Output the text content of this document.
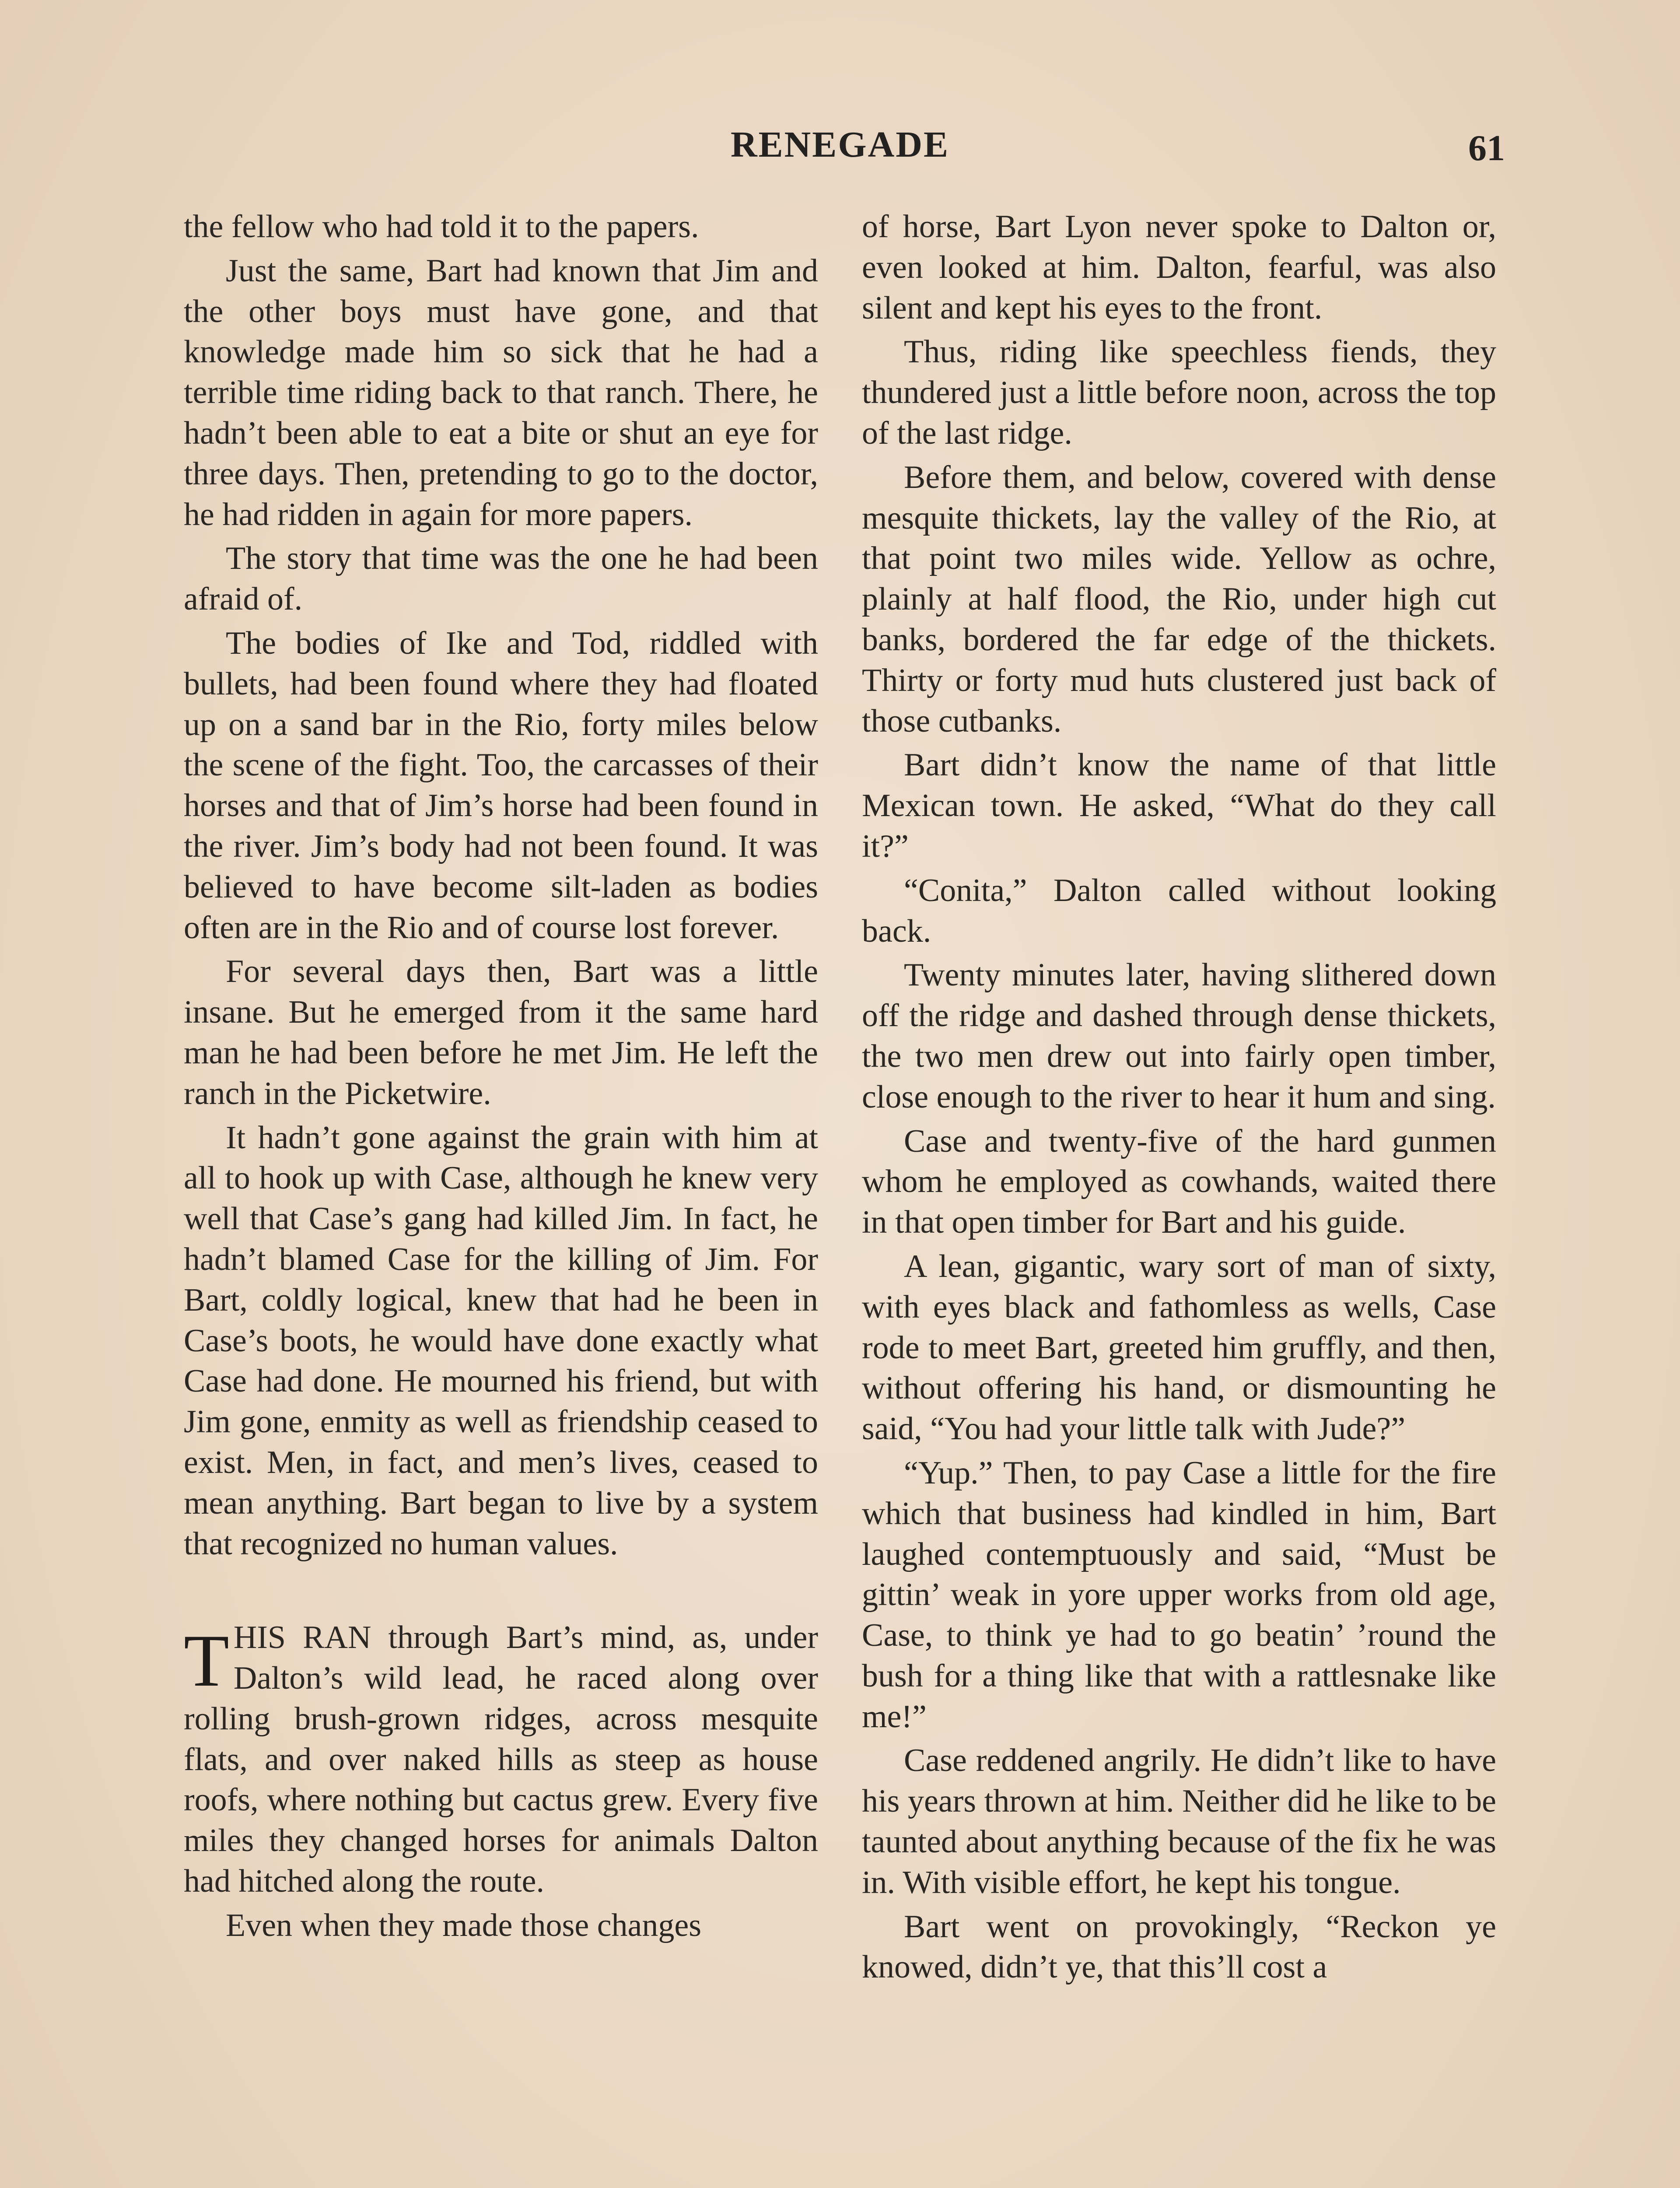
RENEGADE	61

the fellow who had told it to the papers.

Just the same, Bart had known that Jim and the other boys must have gone, and that knowledge made him so sick that he had a terrible time riding back to that ranch. There, he hadn’t been able to eat a bite or shut an eye for three days. Then, pretending to go to the doctor, he had ridden in again for more papers.

The story that time was the one he had been afraid of.

The bodies of Ike and Tod, riddled with bullets, had been found where they had floated up on a sand bar in the Rio, forty miles below the scene of the fight. Too, the carcasses of their horses and that of Jim’s horse had been found in the river. Jim’s body had not been found. It was believed to have become silt-laden as bodies often are in the Rio and of course lost forever.

For several days then, Bart was a little insane. But he emerged from it the same hard man he had been before he met Jim. He left the ranch in the Picketwire.

It hadn’t gone against the grain with him at all to hook up with Case, although he knew very well that Case’s gang had killed Jim. In fact, he hadn’t blamed Case for the killing of Jim. For Bart, coldly logical, knew that had he been in Case’s boots, he would have done exactly what Case had done. He mourned his friend, but with Jim gone, enmity as well as friendship ceased to exist. Men, in fact, and men’s lives, ceased to mean anything. Bart began to live by a system that recognized no human values.

THIS RAN through Bart’s mind, as, under Dalton’s wild lead, he raced along over rolling brush-grown ridges, across mesquite flats, and over naked hills as steep as house roofs, where nothing but cactus grew. Every five miles they changed horses for animals Dalton had hitched along the route.

Even when they made those changes

of horse, Bart Lyon never spoke to Dalton or, even looked at him. Dalton, fearful, was also silent and kept his eyes to the front.

Thus, riding like speechless fiends, they thundered just a little before noon, across the top of the last ridge.

Before them, and below, covered with dense mesquite thickets, lay the valley of the Rio, at that point two miles wide. Yellow as ochre, plainly at half flood, the Rio, under high cut banks, bordered the far edge of the thickets. Thirty or forty mud huts clustered just back of those cutbanks.

Bart didn’t know the name of that little Mexican town. He asked, “What do they call it?”

“Conita,” Dalton called without looking back.

Twenty minutes later, having slithered down off the ridge and dashed through dense thickets, the two men drew out into fairly open timber, close enough to the river to hear it hum and sing.

Case and twenty-five of the hard gunmen whom he employed as cowhands, waited there in that open timber for Bart and his guide.

A lean, gigantic, wary sort of man of sixty, with eyes black and fathomless as wells, Case rode to meet Bart, greeted him gruffly, and then, without offering his hand, or dismounting he said, “You had your little talk with Jude?”

“Yup.” Then, to pay Case a little for the fire which that business had kindled in him, Bart laughed contemptuously and said, “Must be gittin’ weak in yore upper works from old age, Case, to think ye had to go beatin’ ’round the bush for a thing like that with a rattlesnake like me!”

Case reddened angrily. He didn’t like to have his years thrown at him. Neither did he like to be taunted about anything because of the fix he was in. With visible effort, he kept his tongue.

Bart went on provokingly, “Reckon ye knowed, didn’t ye, that this’ll cost a
